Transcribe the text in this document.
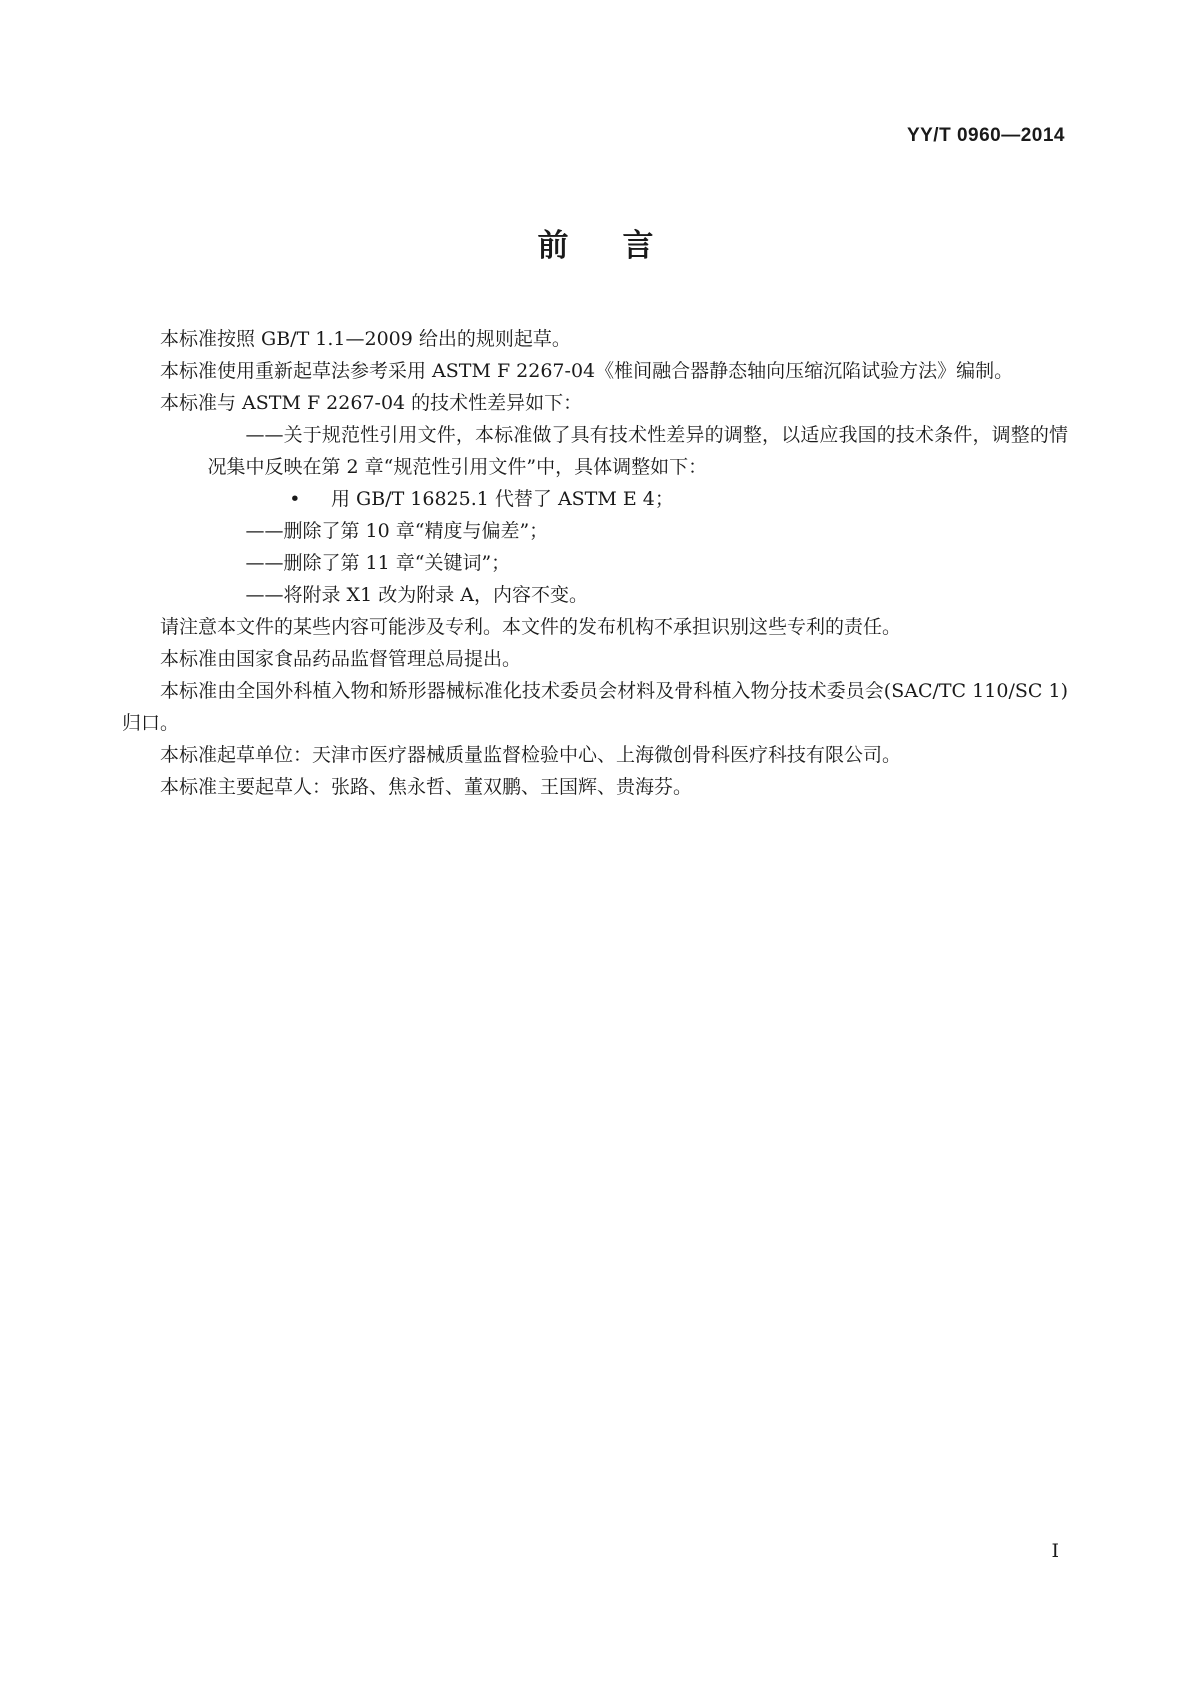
YY/T 0960—2014
前言

本标准按照 GB/T 1.1—2009 给出的规则起草。

本标准使用重新起草法参考采用 ASTM F 2267-04《椎间融合器静态轴向压缩沉陷试验方法》编制。

本标准与 ASTM F 2267-04 的技术性差异如下：

——关于规范性引用文件，本标准做了具有技术性差异的调整，以适应我国的技术条件，调整的情况集中反映在第 2 章“规范性引用文件”中，具体调整如下：

• 用 GB/T 16825.1 代替了 ASTM E 4；

——删除了第 10 章“精度与偏差”；

——删除了第 11 章“关键词”；

——将附录 X1 改为附录 A，内容不变。

请注意本文件的某些内容可能涉及专利。本文件的发布机构不承担识别这些专利的责任。

本标准由国家食品药品监督管理总局提出。

本标准由全国外科植入物和矫形器械标准化技术委员会材料及骨科植入物分技术委员会(SAC/TC 110/SC 1)归口。

本标准起草单位：天津市医疗器械质量监督检验中心、上海微创骨科医疗科技有限公司。

本标准主要起草人：张路、焦永哲、董双鹏、王国辉、贵海芬。

I
